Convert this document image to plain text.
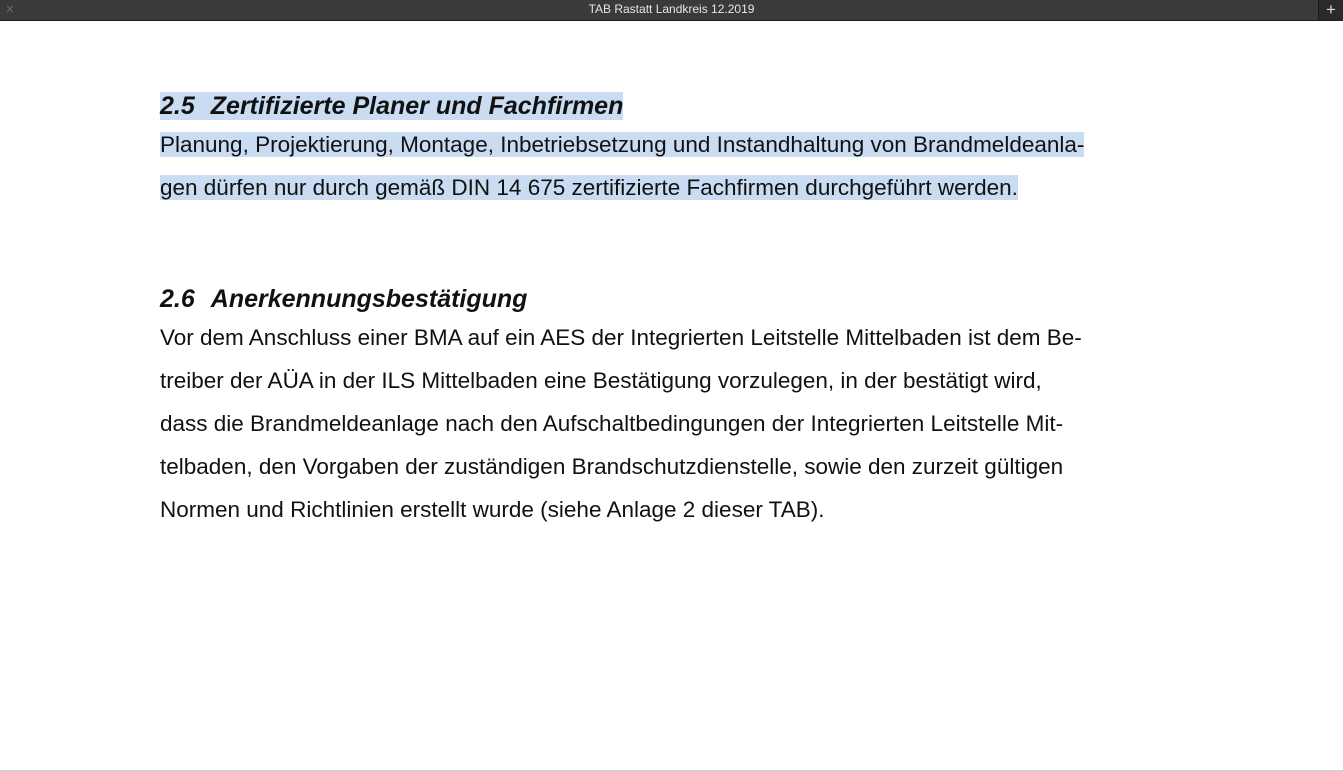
✕	TAB Rastatt Landkreis 12.2019	+
2.5 Zertifizierte Planer und Fachfirmen

Planung, Projektierung, Montage, Inbetriebsetzung und Instandhaltung von Brandmeldeanla-
gen dürfen nur durch gemäß DIN 14 675 zertifizierte Fachfirmen durchgeführt werden.

2.6 Anerkennungsbestätigung

Vor dem Anschluss einer BMA auf ein AES der Integrierten Leitstelle Mittelbaden ist dem Be-
treiber der AÜA in der ILS Mittelbaden eine Bestätigung vorzulegen, in der bestätigt wird,
dass die Brandmeldeanlage nach den Aufschaltbedingungen der Integrierten Leitstelle Mit-
telbaden, den Vorgaben der zuständigen Brandschutzdienstelle, sowie den zurzeit gültigen
Normen und Richtlinien erstellt wurde (siehe Anlage 2 dieser TAB).
